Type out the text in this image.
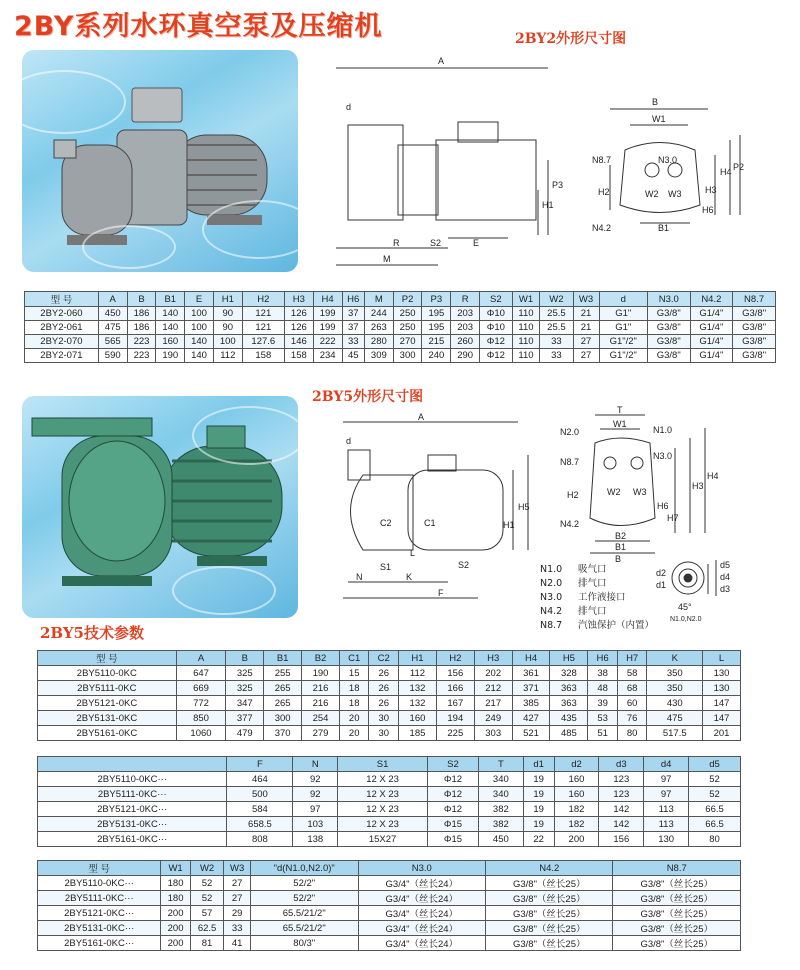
2BY系列水环真空泵及压缩机	2BY2外形尺寸图
2BY5外形尺寸图
2BY5技术参数
A
d
H1
P3
R	S2	E
M
B
W1
N8.7	N3.0
H2	H3
H4 P2
W2 W3
B1
H6
N4.2
型 号	A	B	B1	E	H1	H2	H3	H4	H6	M	P2	P3	R	S2	W1	W2	W3	d	N3.0	N4.2	N8.7
2BY2-060	450	186	140	100	90	121	126	199	37	244	250	195	203	Φ10	110	25.5	21	G1"	G3/8"	G1/4"	G3/8"
2BY2-061	475	186	140	100	90	121	126	199	37	263	250	195	203	Φ10	110	25.5	21	G1"	G3/8"	G1/4"	G3/8"
2BY2-070	565	223	160	140	100	127.6	146	222	33	280	270	215	260	Φ12	110	33	27	G1"/2"	G3/8"	G1/4"	G3/8"
2BY2-071	590	223	190	140	112	158	158	234	45	309	300	240	290	Φ12	110	33	27	G1"/2"	G3/8"	G1/4"	G3/8"
A
d
C2	C1	H1
H5
S1	S2
L
N	K
F
T
W1
N2.0	N1.0
N8.7
N3.0
H4
H3
H2	W2 W3
H6
H7
N4.2
B2
B1
B
d5
d4
d3
d2
d1
45°
N1.0,N2.0
N1.0 吸气口
N2.0 排气口
N3.0 工作液接口
N4.2 排气口
N8.7 汽蚀保护（内置）
型 号	A	B	B1	B2	C1	C2	H1	H2	H3	H4	H5	H6	H7	K	L
2BY5110-0KC	647	325	255	190	15	26	112	156	202	361	328	38	58	350	130
2BY5111-0KC	669	325	265	216	18	26	132	166	212	371	363	48	68	350	130
2BY5121-0KC	772	347	265	216	18	26	132	167	217	385	363	39	60	430	147
2BY5131-0KC	850	377	300	254	20	30	160	194	249	427	435	53	76	475	147
2BY5161-0KC	1060	479	370	279	20	30	185	225	303	521	485	51	80	517.5	201
	F	N	S1	S2	T	d1	d2	d3	d4	d5
2BY5110-0KC···	464	92	12 X 23	Φ12	340	19	160	123	97	52
2BY5111-0KC···	500	92	12 X 23	Φ12	340	19	160	123	97	52
2BY5121-0KC···	584	97	12 X 23	Φ12	382	19	182	142	113	66.5
2BY5131-0KC···	658.5	103	12 X 23	Φ15	382	19	182	142	113	66.5
2BY5161-0KC···	808	138	15X27	Φ15	450	22	200	156	130	80
型 号	W1	W2	W3	"d(N1.0,N2.0)"	N3.0	N4.2	N8.7
2BY5110-0KC···	180	52	27	52/2"	G3/4"（丝长24）	G3/8"（丝长25）	G3/8"（丝长25）
2BY5111-0KC···	180	52	27	52/2"	G3/4"（丝长24）	G3/8"（丝长25）	G3/8"（丝长25）
2BY5121-0KC···	200	57	29	65.5/21/2"	G3/4"（丝长24）	G3/8"（丝长25）	G3/8"（丝长25）
2BY5131-0KC···	200	62.5	33	65.5/21/2"	G3/4"（丝长24）	G3/8"（丝长25）	G3/8"（丝长25）
2BY5161-0KC···	200	81	41	80/3"	G3/4"（丝长24）	G3/8"（丝长25）	G3/8"（丝长25）
